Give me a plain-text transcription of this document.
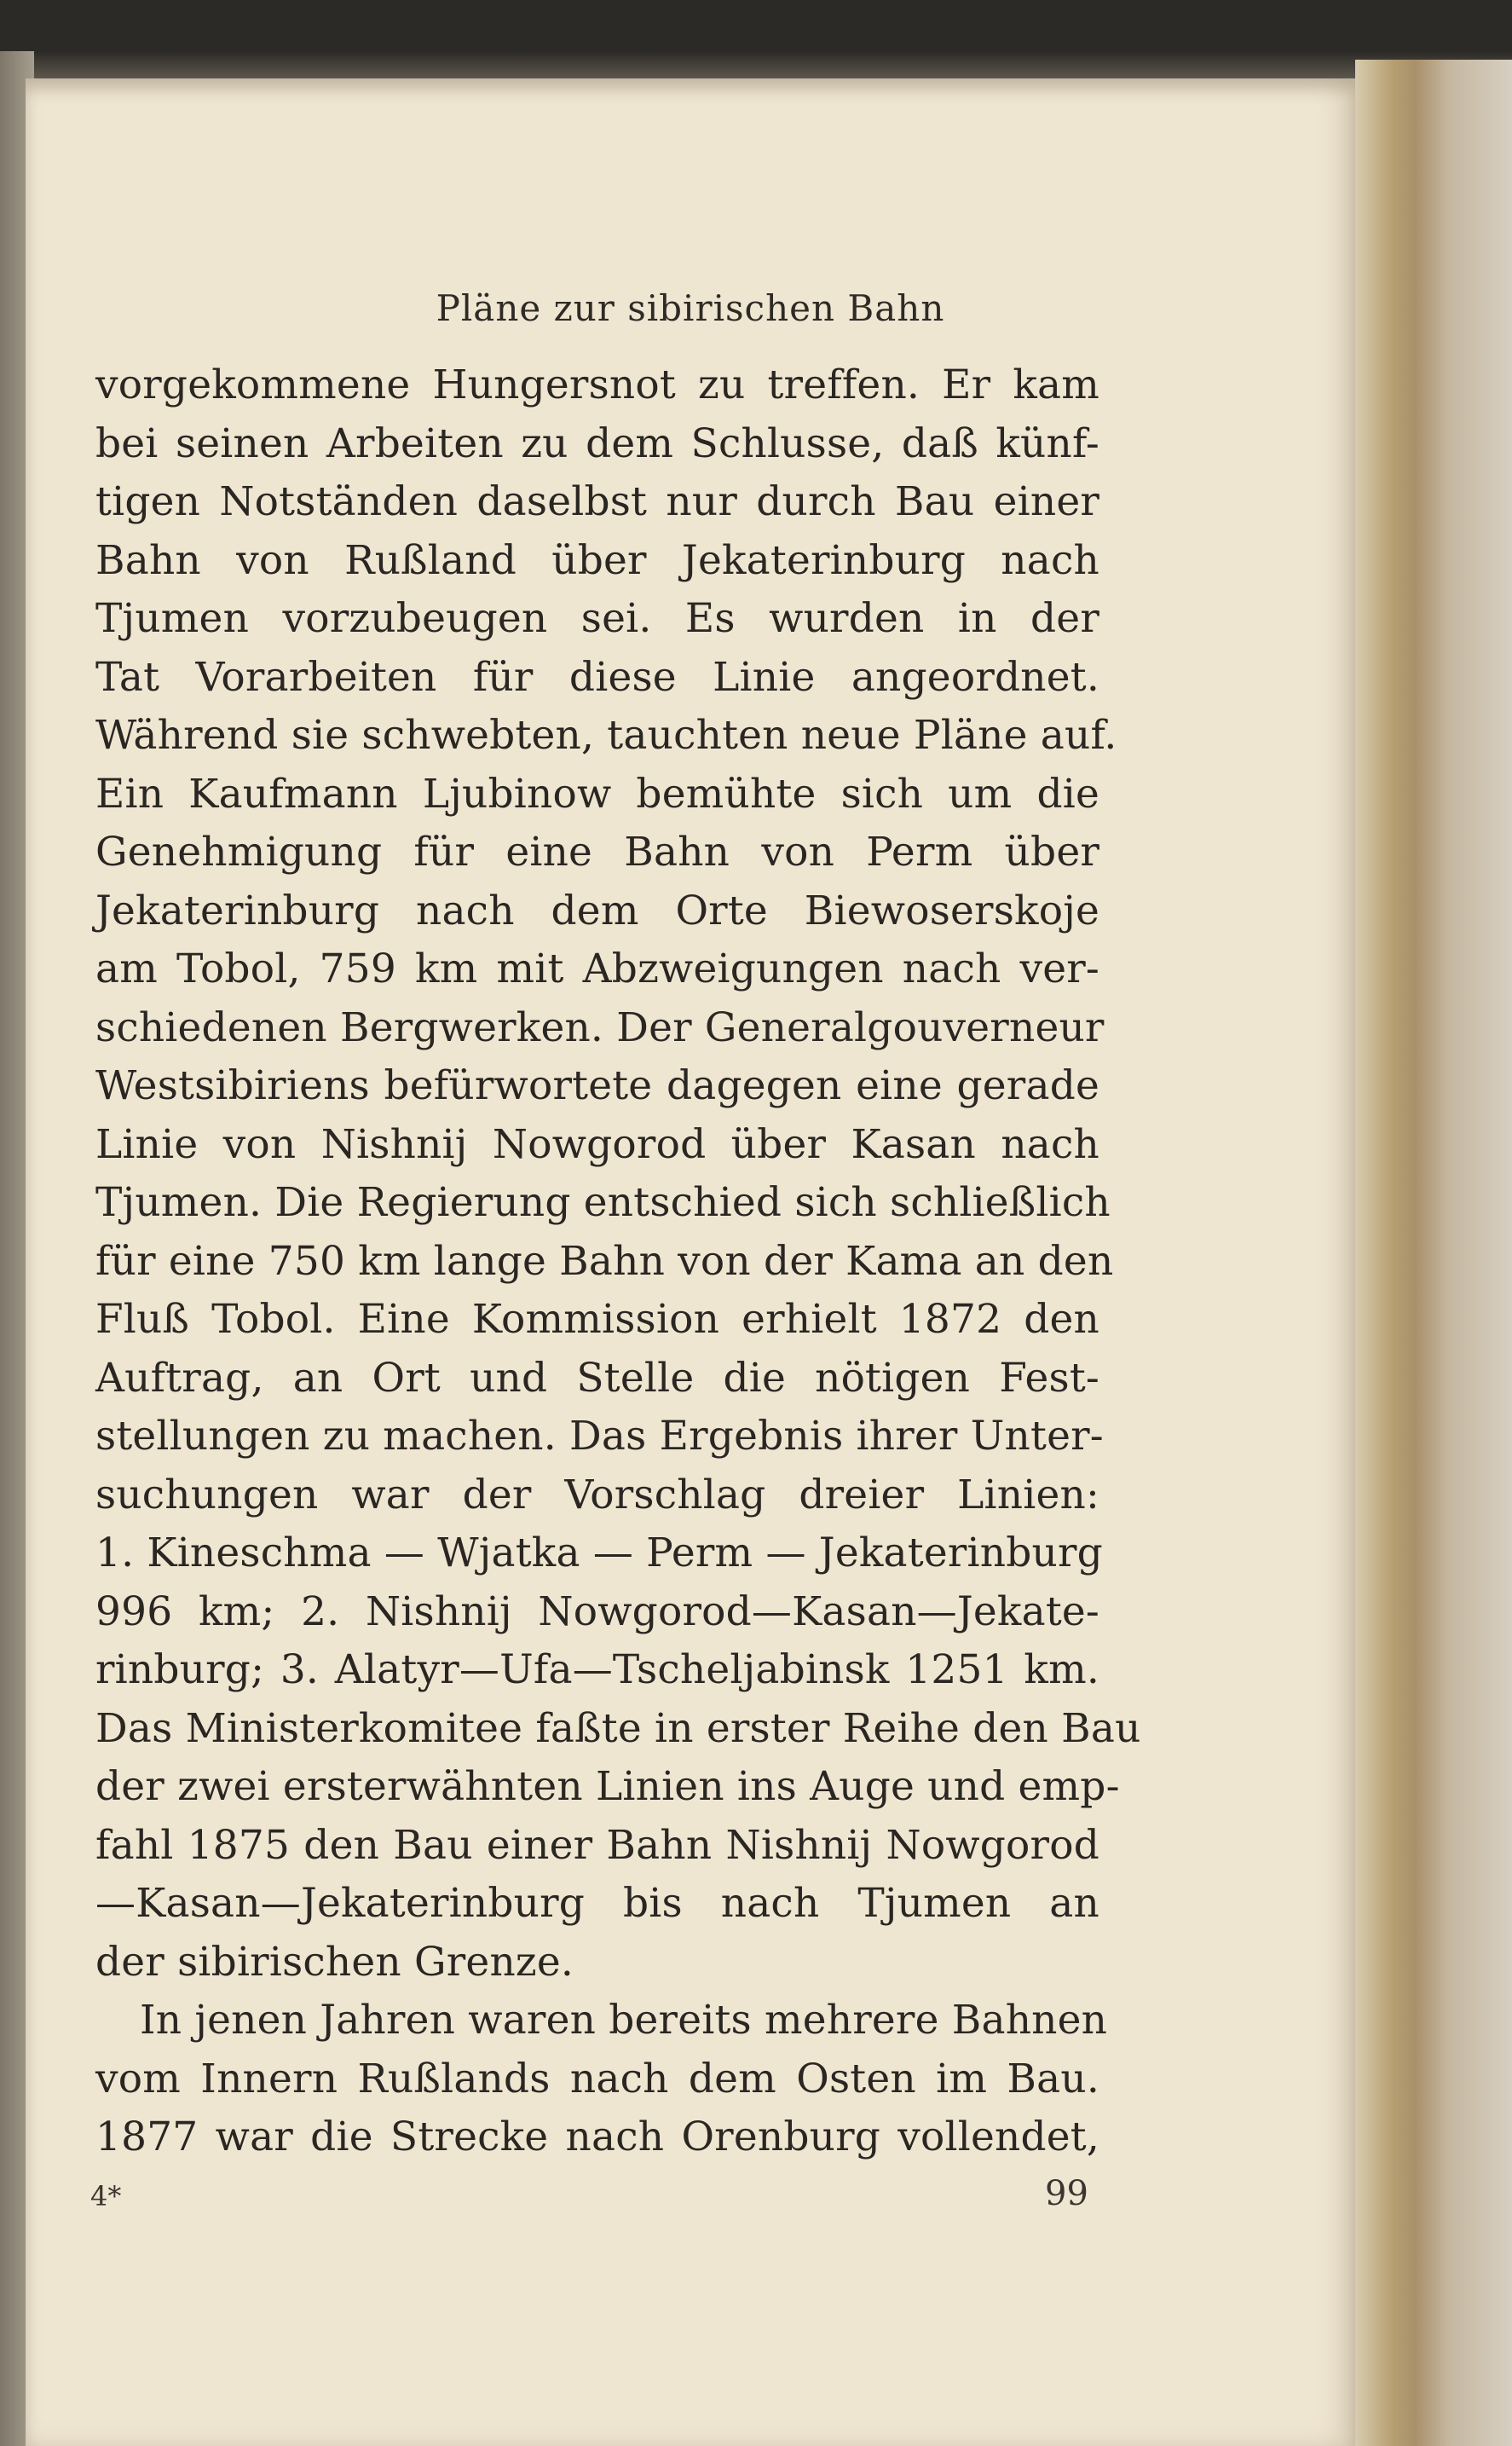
Pläne zur sibirischen Bahn
vorgekommene Hungersnot zu treffen. Er kam
bei seinen Arbeiten zu dem Schlusse, daß künf-
tigen Notständen daselbst nur durch Bau einer
Bahn von Rußland über Jekaterinburg nach
Tjumen vorzubeugen sei. Es wurden in der
Tat Vorarbeiten für diese Linie angeordnet.
Während sie schwebten, tauchten neue Pläne auf.
Ein Kaufmann Ljubinow bemühte sich um die
Genehmigung für eine Bahn von Perm über
Jekaterinburg nach dem Orte Biewoserskoje
am Tobol, 759 km mit Abzweigungen nach ver-
schiedenen Bergwerken. Der Generalgouverneur
Westsibiriens befürwortete dagegen eine gerade
Linie von Nishnij Nowgorod über Kasan nach
Tjumen. Die Regierung entschied sich schließlich
für eine 750 km lange Bahn von der Kama an den
Fluß Tobol. Eine Kommission erhielt 1872 den
Auftrag, an Ort und Stelle die nötigen Fest-
stellungen zu machen. Das Ergebnis ihrer Unter-
suchungen war der Vorschlag dreier Linien:
1. Kineschma — Wjatka — Perm — Jekaterinburg
996 km; 2. Nishnij Nowgorod—Kasan—Jekate-
rinburg; 3. Alatyr—Ufa—Tscheljabinsk 1251 km.
Das Ministerkomitee faßte in erster Reihe den Bau
der zwei ersterwähnten Linien ins Auge und emp-
fahl 1875 den Bau einer Bahn Nishnij Nowgorod
—Kasan—Jekaterinburg bis nach Tjumen an
der sibirischen Grenze.
In jenen Jahren waren bereits mehrere Bahnen
vom Innern Rußlands nach dem Osten im Bau.
1877 war die Strecke nach Orenburg vollendet,
4*	99
